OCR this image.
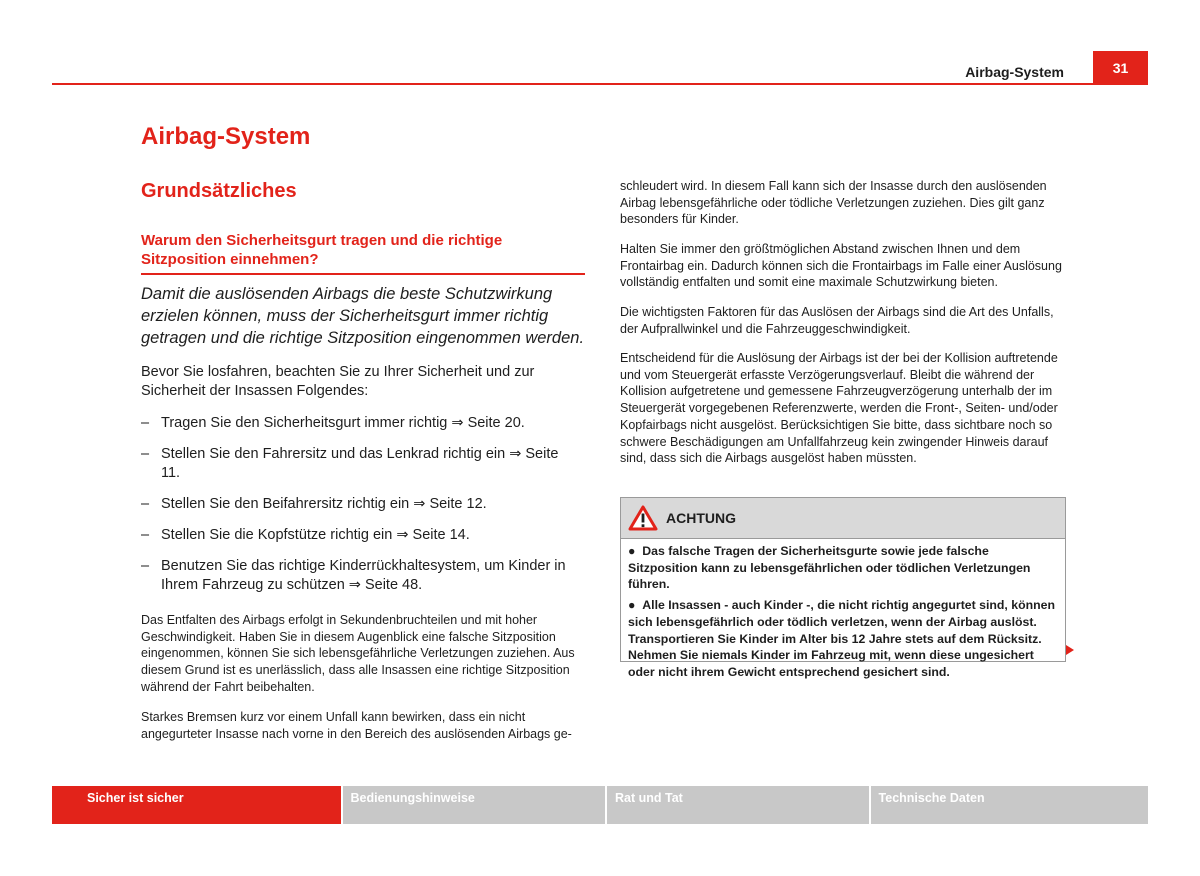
Airbag-System	31
Airbag-System
Grundsätzliches
Warum den Sicherheitsgurt tragen und die richtige Sitzposition einnehmen?

Damit die auslösenden Airbags die beste Schutzwirkung erzielen können, muss der Sicherheitsgurt immer richtig getragen und die richtige Sitzposition eingenommen werden.

Bevor Sie losfahren, beachten Sie zu Ihrer Sicherheit und zur Sicherheit der Insassen Folgendes:

– Tragen Sie den Sicherheitsgurt immer richtig ⇒ Seite 20.
– Stellen Sie den Fahrersitz und das Lenkrad richtig ein ⇒ Seite 11.
– Stellen Sie den Beifahrersitz richtig ein ⇒ Seite 12.
– Stellen Sie die Kopfstütze richtig ein ⇒ Seite 14.
– Benutzen Sie das richtige Kinderrückhaltesystem, um Kinder in Ihrem Fahrzeug zu schützen ⇒ Seite 48.

Das Entfalten des Airbags erfolgt in Sekundenbruchteilen und mit hoher Geschwindigkeit. Haben Sie in diesem Augenblick eine falsche Sitzposition eingenommen, können Sie sich lebensgefährliche Verletzungen zuziehen. Aus diesem Grund ist es unerlässlich, dass alle Insassen eine richtige Sitzposition während der Fahrt beibehalten.

Starkes Bremsen kurz vor einem Unfall kann bewirken, dass ein nicht angegurteter Insasse nach vorne in den Bereich des auslösenden Airbags ge-

schleudert wird. In diesem Fall kann sich der Insasse durch den auslösenden Airbag lebensgefährliche oder tödliche Verletzungen zuziehen. Dies gilt ganz besonders für Kinder.

Halten Sie immer den größtmöglichen Abstand zwischen Ihnen und dem Frontairbag ein. Dadurch können sich die Frontairbags im Falle einer Auslösung vollständig entfalten und somit eine maximale Schutzwirkung bieten.

Die wichtigsten Faktoren für das Auslösen der Airbags sind die Art des Unfalls, der Aufprallwinkel und die Fahrzeuggeschwindigkeit.

Entscheidend für die Auslösung der Airbags ist der bei der Kollision auftretende und vom Steuergerät erfasste Verzögerungsverlauf. Bleibt die während der Kollision aufgetretene und gemessene Fahrzeugverzögerung unterhalb der im Steuergerät vorgegebenen Referenzwerte, werden die Front-, Seiten- und/oder Kopfairbags nicht ausgelöst. Berücksichtigen Sie bitte, dass sichtbare noch so schwere Beschädigungen am Unfallfahrzeug kein zwingender Hinweis darauf sind, dass sich die Airbags ausgelöst haben müssten.

ACHTUNG

● Das falsche Tragen der Sicherheitsgurte sowie jede falsche Sitzposition kann zu lebensgefährlichen oder tödlichen Verletzungen führen.

● Alle Insassen - auch Kinder -, die nicht richtig angegurtet sind, können sich lebensgefährlich oder tödlich verletzen, wenn der Airbag auslöst. Transportieren Sie Kinder im Alter bis 12 Jahre stets auf dem Rücksitz. Nehmen Sie niemals Kinder im Fahrzeug mit, wenn diese ungesichert oder nicht ihrem Gewicht entsprechend gesichert sind.

Sicher ist sicher	Bedienungshinweise	Rat und Tat	Technische Daten
